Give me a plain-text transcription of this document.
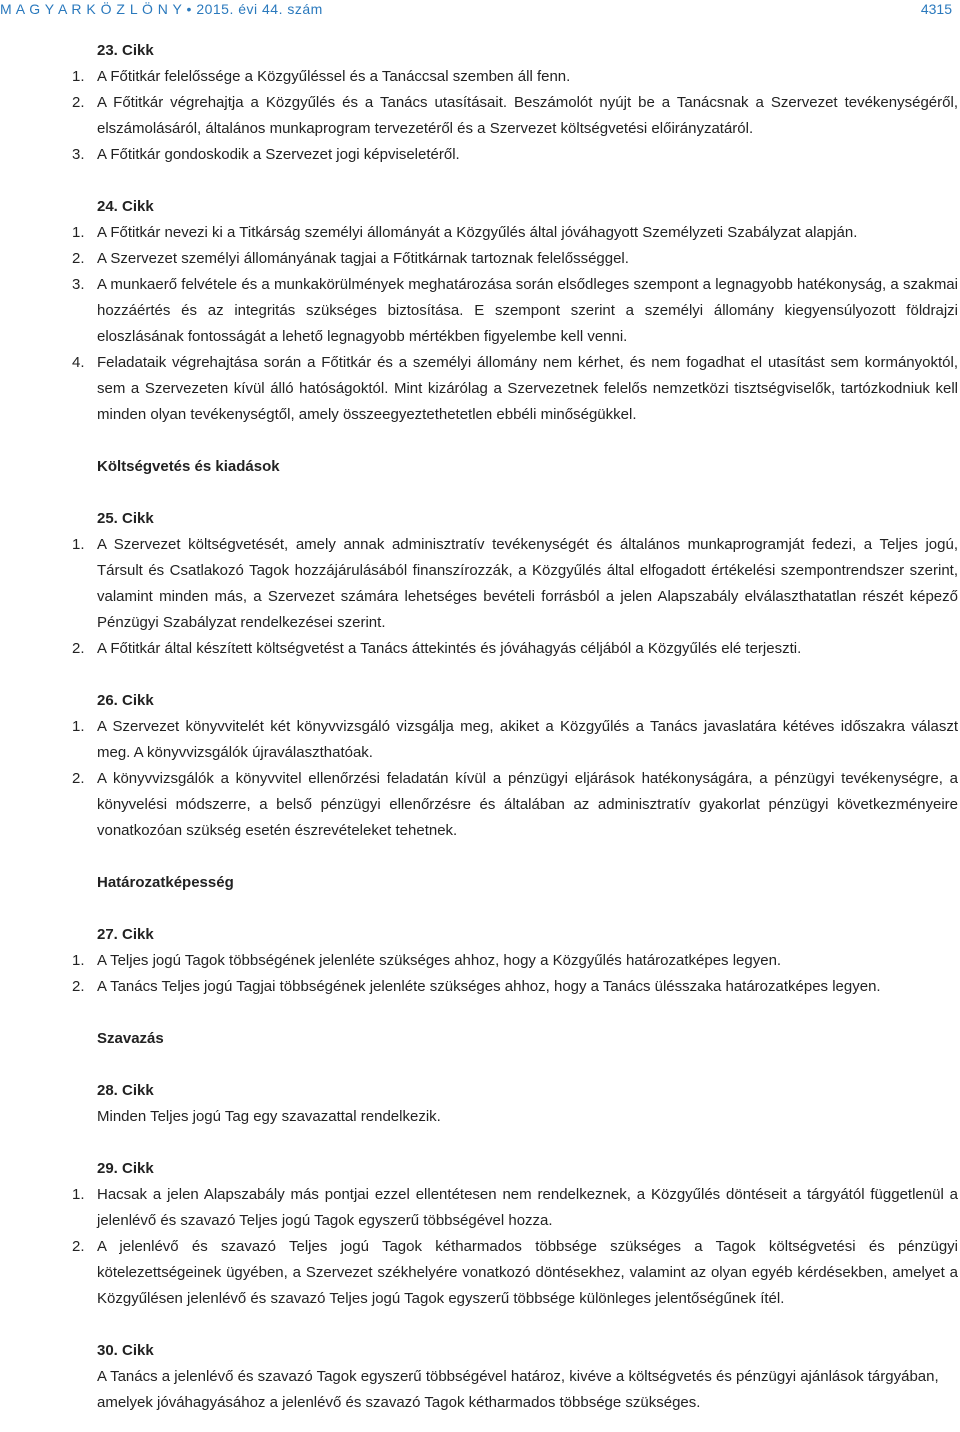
M A G Y A R K Ö Z L Ö N Y • 2015. évi 44. szám	4315
23. Cikk
1. A Főtitkár felelőssége a Közgyűléssel és a Tanáccsal szemben áll fenn.
2. A Főtitkár végrehajtja a Közgyűlés és a Tanács utasításait. Beszámolót nyújt be a Tanácsnak a Szervezet tevékenységéről, elszámolásáról, általános munkaprogram tervezetéről és a Szervezet költségvetési előirányzatáról.
3. A Főtitkár gondoskodik a Szervezet jogi képviseletéről.
24. Cikk
1. A Főtitkár nevezi ki a Titkárság személyi állományát a Közgyűlés által jóváhagyott Személyzeti Szabályzat alapján.
2. A Szervezet személyi állományának tagjai a Főtitkárnak tartoznak felelősséggel.
3. A munkaerő felvétele és a munkakörülmények meghatározása során elsődleges szempont a legnagyobb hatékonyság, a szakmai hozzáértés és az integritás szükséges biztosítása. E szempont szerint a személyi állomány kiegyensúlyozott földrajzi eloszlásának fontosságát a lehető legnagyobb mértékben figyelembe kell venni.
4. Feladataik végrehajtása során a Főtitkár és a személyi állomány nem kérhet, és nem fogadhat el utasítást sem kormányoktól, sem a Szervezeten kívül álló hatóságoktól. Mint kizárólag a Szervezetnek felelős nemzetközi tisztségviselők, tartózkodniuk kell minden olyan tevékenységtől, amely összeegyeztethetetlen ebbéli minőségükkel.
Költségvetés és kiadások
25. Cikk
1. A Szervezet költségvetését, amely annak adminisztratív tevékenységét és általános munkaprogramját fedezi, a Teljes jogú, Társult és Csatlakozó Tagok hozzájárulásából finanszírozzák, a Közgyűlés által elfogadott értékelési szempontrendszer szerint, valamint minden más, a Szervezet számára lehetséges bevételi forrásból a jelen Alapszabály elválaszthatatlan részét képező Pénzügyi Szabályzat rendelkezései szerint.
2. A Főtitkár által készített költségvetést a Tanács áttekintés és jóváhagyás céljából a Közgyűlés elé terjeszti.
26. Cikk
1. A Szervezet könyvvitelét két könyvvizsgáló vizsgálja meg, akiket a Közgyűlés a Tanács javaslatára kétéves időszakra választ meg. A könyvvizsgálók újraválaszthatóak.
2. A könyvvizsgálók a könyvvitel ellenőrzési feladatán kívül a pénzügyi eljárások hatékonyságára, a pénzügyi tevékenységre, a könyvelési módszerre, a belső pénzügyi ellenőrzésre és általában az adminisztratív gyakorlat pénzügyi következményeire vonatkozóan szükség esetén észrevételeket tehetnek.
Határozatképesség
27. Cikk
1. A Teljes jogú Tagok többségének jelenléte szükséges ahhoz, hogy a Közgyűlés határozatképes legyen.
2. A Tanács Teljes jogú Tagjai többségének jelenléte szükséges ahhoz, hogy a Tanács ülésszaka határozatképes legyen.
Szavazás
28. Cikk
Minden Teljes jogú Tag egy szavazattal rendelkezik.
29. Cikk
1. Hacsak a jelen Alapszabály más pontjai ezzel ellentétesen nem rendelkeznek, a Közgyűlés döntéseit a tárgyától függetlenül a jelenlévő és szavazó Teljes jogú Tagok egyszerű többségével hozza.
2. A jelenlévő és szavazó Teljes jogú Tagok kétharmados többsége szükséges a Tagok költségvetési és pénzügyi kötelezettségeinek ügyében, a Szervezet székhelyére vonatkozó döntésekhez, valamint az olyan egyéb kérdésekben, amelyet a Közgyűlésen jelenlévő és szavazó Teljes jogú Tagok egyszerű többsége különleges jelentőségűnek ítél.
30. Cikk
A Tanács a jelenlévő és szavazó Tagok egyszerű többségével határoz, kivéve a költségvetés és pénzügyi ajánlások tárgyában, amelyek jóváhagyásához a jelenlévő és szavazó Tagok kétharmados többsége szükséges.
